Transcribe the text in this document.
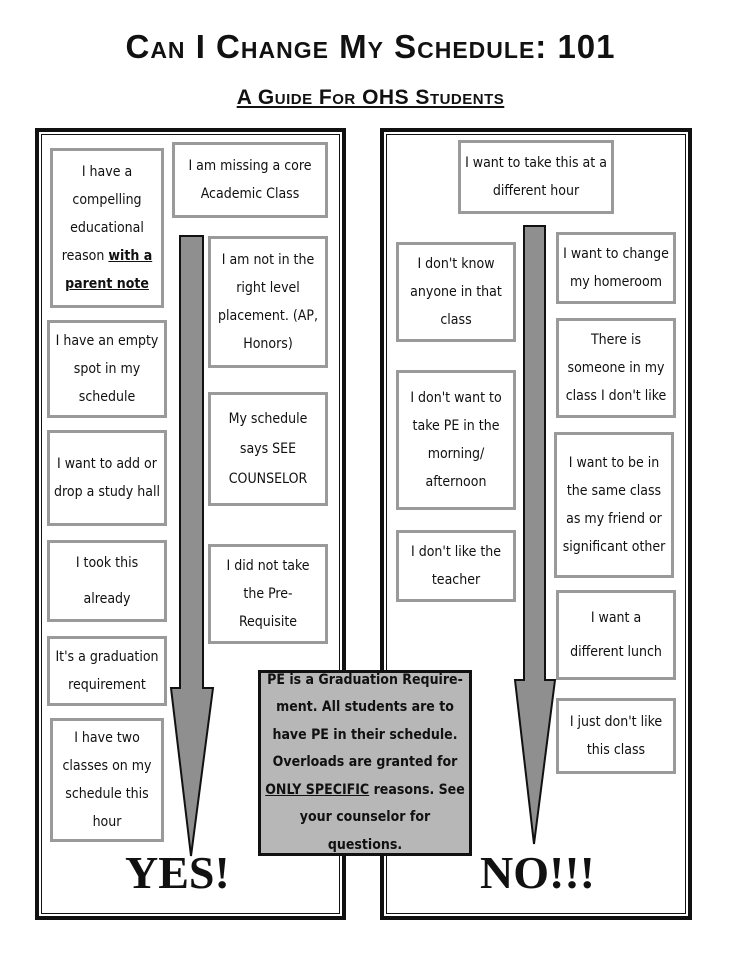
Can I Change My Schedule: 101
A Guide For OHS Students
I have a compelling educational reason with a parent note
I am missing a core Academic Class
I am not in the right level placement. (AP, Honors)
I have an empty spot in my schedule
My schedule says SEE COUNSELOR
I want to add or drop a study hall
I took this already
I did not take the Pre-Requisite
It's a graduation requirement
I have two classes on my schedule this hour
YES!
I want to take this at a different hour
I don't know anyone in that class
I want to change my homeroom
There is someone in my class I don't like
I don't want to take PE in the morning/ afternoon
I want to be in the same class as my friend or significant other
I don't like the teacher
I want a different lunch
I just don't like this class
NO!!!
PE is a Graduation Require- ment. All students are to have PE in their schedule. Overloads are granted for ONLY SPECIFIC reasons. See your counselor for questions.
